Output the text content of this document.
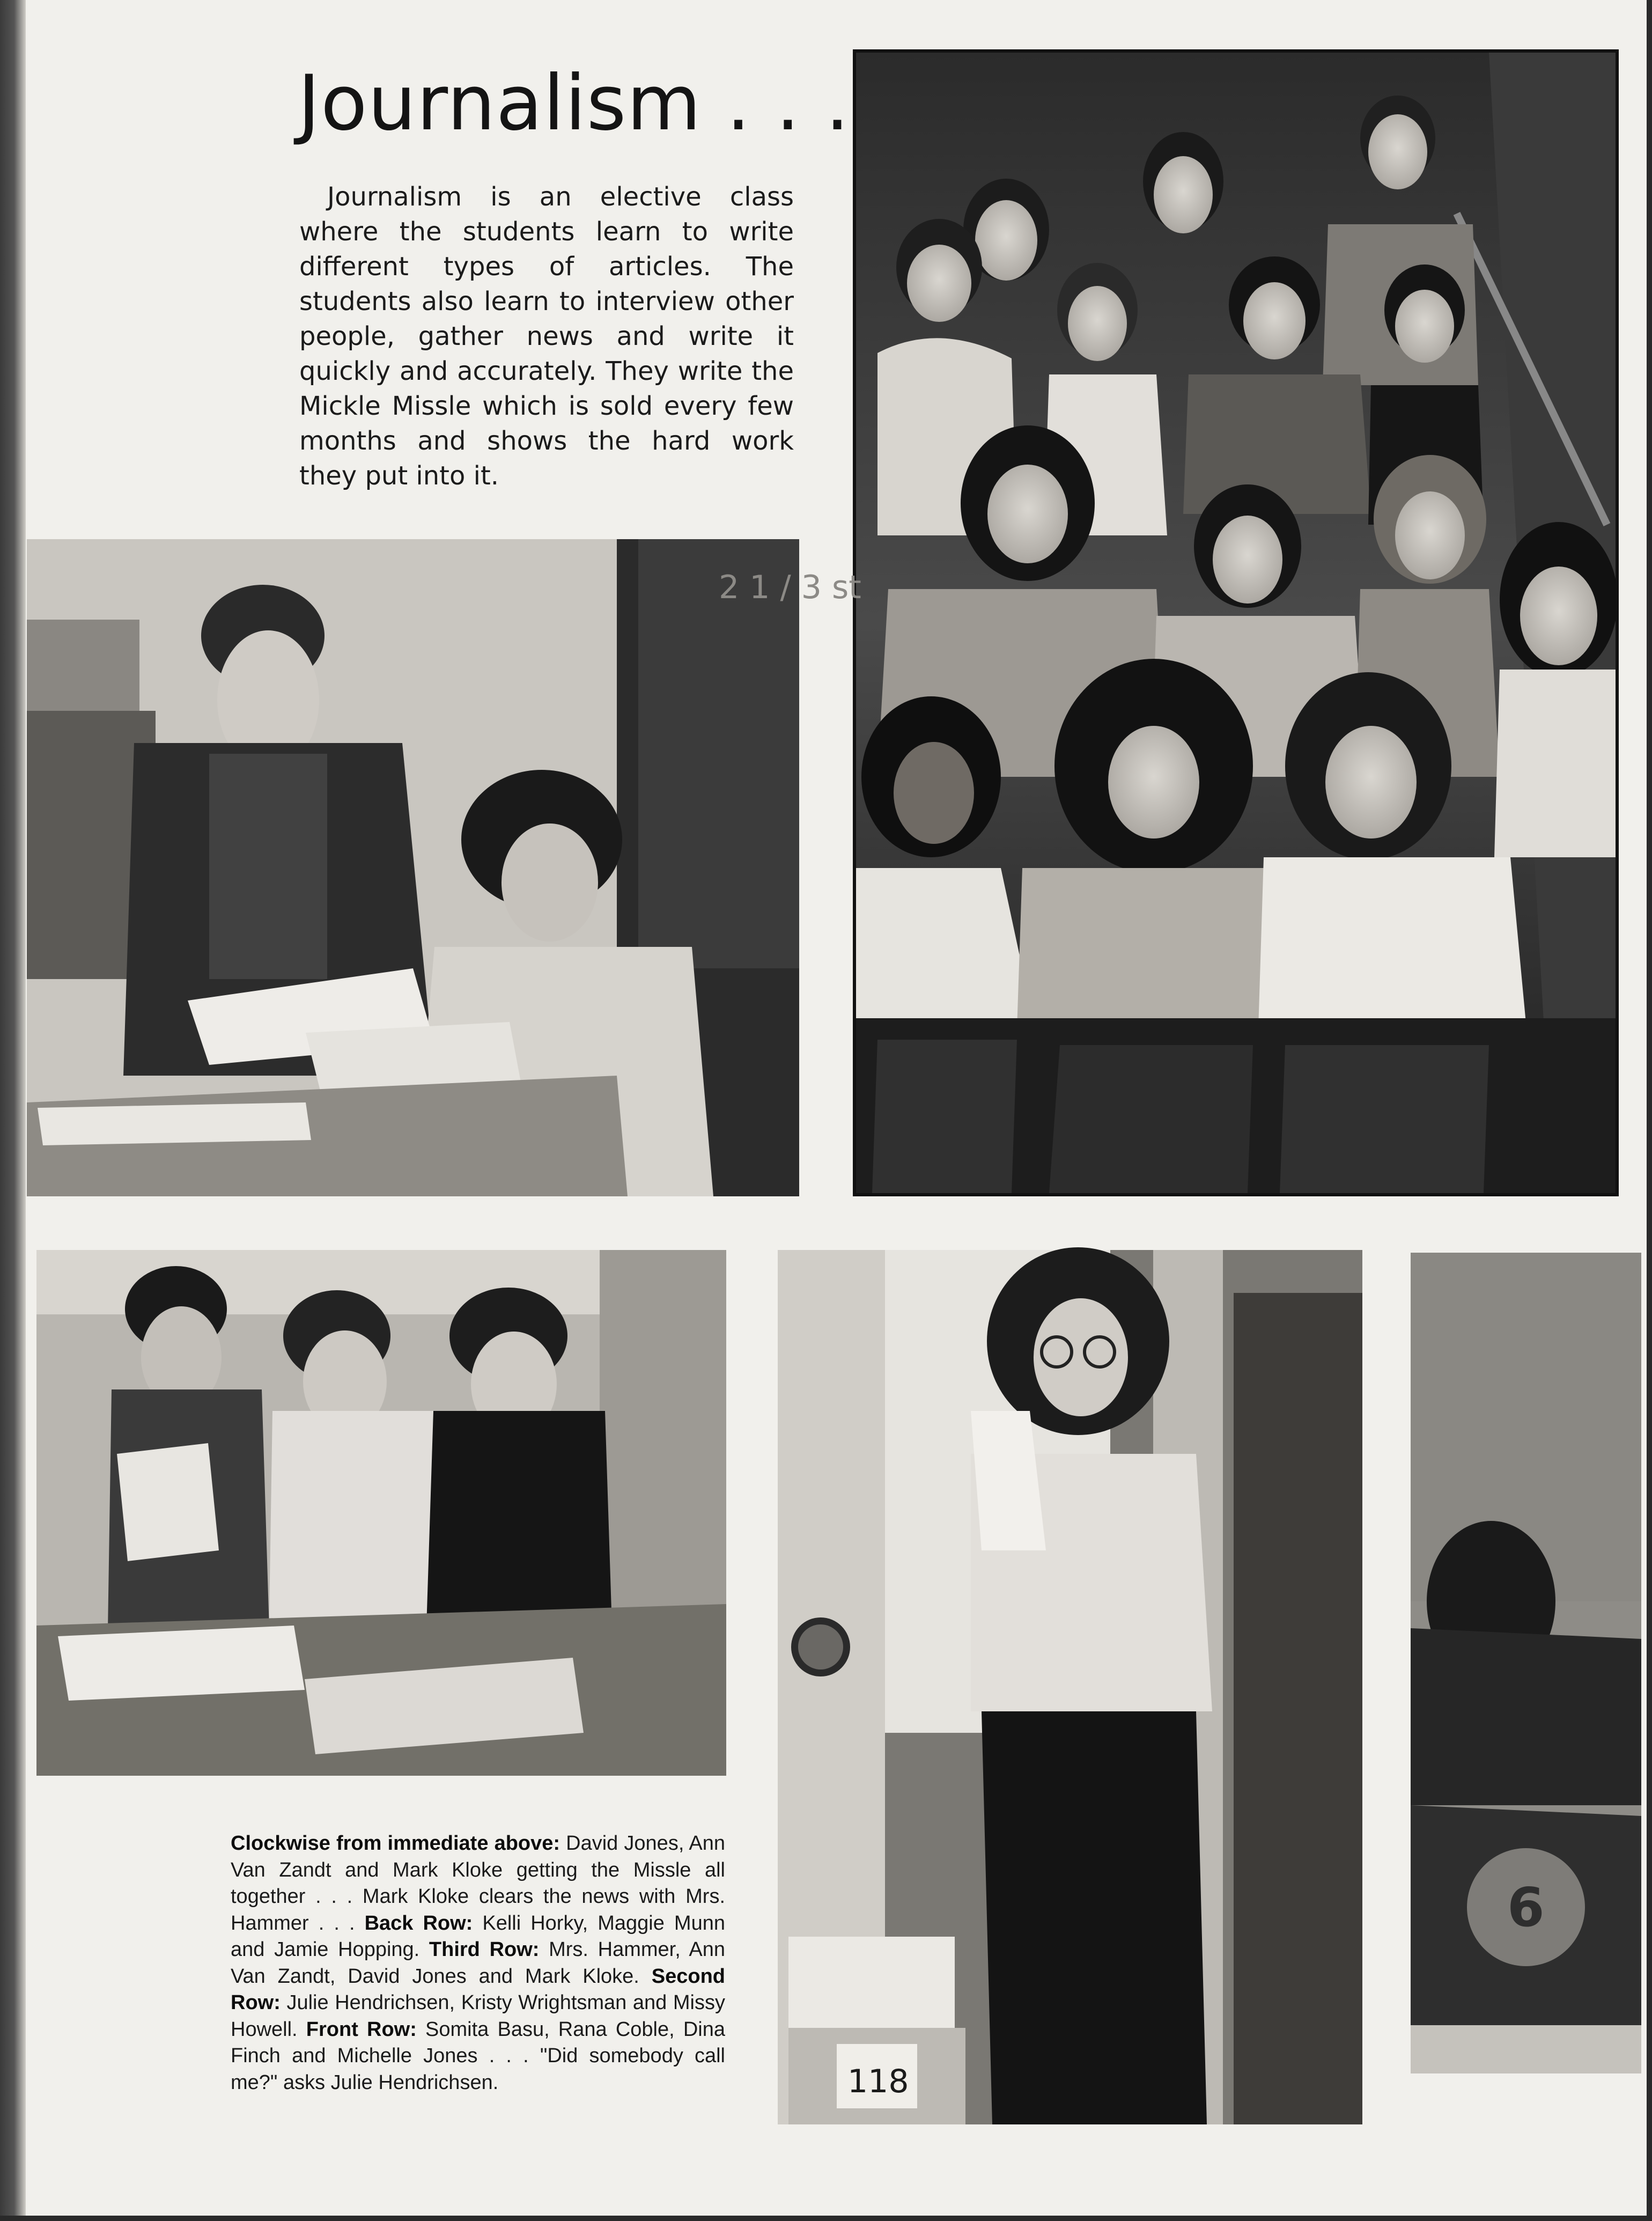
Journalism . . .
Journalism is an elective class where the students learn to write different types of articles. The students also learn to interview other people, gather news and write it quickly and accurately. They write the Mickle Missle which is sold every few months and shows the hard work they put into it.
2 1 / 3 st
118
6
Clockwise from immediate above: David Jones, Ann Van Zandt and Mark Kloke getting the Missle all together . . . Mark Kloke clears the news with Mrs. Hammer . . . Back Row: Kelli Horky, Maggie Munn and Jamie Hopping. Third Row: Mrs. Hammer, Ann Van Zandt, David Jones and Mark Kloke. Second Row: Julie Hendrichsen, Kristy Wrightsman and Missy Howell. Front Row: Somita Basu, Rana Coble, Dina Finch and Michelle Jones . . . "Did somebody call me?" asks Julie Hendrichsen.
